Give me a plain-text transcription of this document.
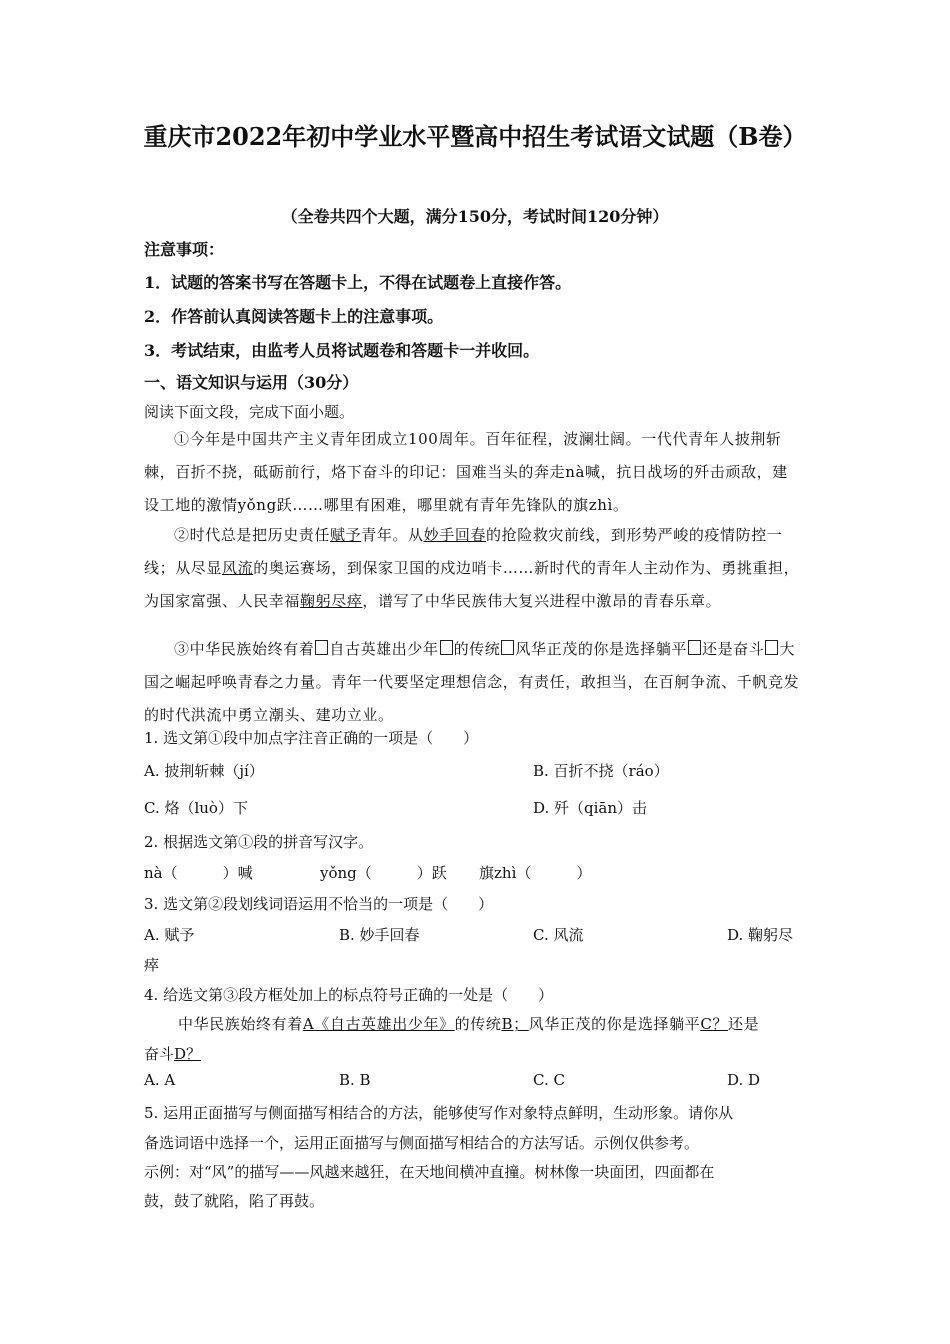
重庆市2022年初中学业水平暨高中招生考试语文试题（B卷）
（全卷共四个大题，满分150分，考试时间120分钟）
注意事项：
1．试题的答案书写在答题卡上，不得在试题卷上直接作答。
2．作答前认真阅读答题卡上的注意事项。
3．考试结束，由监考人员将试题卷和答题卡一并收回。
一、语文知识与运用（30分）
阅读下面文段，完成下面小题。
①今年是中国共产主义青年团成立100周年。百年征程，波澜壮阔。一代代青年人披荆斩棘，百折不挠，砥砺前行，烙下奋斗的印记：国难当头的奔走nà喊，抗日战场的歼击顽敌，建设工地的激情yǒng跃……哪里有困难，哪里就有青年先锋队的旗zhì。
②时代总是把历史责任赋予青年。从妙手回春的抢险救灾前线，到形势严峻的疫情防控一线；从尽显风流的奥运赛场，到保家卫国的戍边哨卡……新时代的青年人主动作为、勇挑重担，为国家富强、人民幸福鞠躬尽瘁，谱写了中华民族伟大复兴进程中激昂的青春乐章。
③中华民族始终有着 自古英雄出少年 的传统 风华正茂的你是选择躺平 还是奋斗 大国之崛起呼唤青春之力量。青年一代要坚定理想信念，有责任，敢担当，在百舸争流、千帆竞发的时代洪流中勇立潮头、建功立业。
1. 选文第①段中加点字注音正确的一项是（　　）
A. 披荆斩棘（jí）	B. 百折不挠（ráo）
C. 烙（luò）下	D. 歼（qiān）击
2. 根据选文第①段的拼音写汉字。
nà（　　　）喊	yǒng（　　　）跃 旗zhì（　　　）
3. 选文第②段划线词语运用不恰当的一项是（　　）
A. 赋予	B. 妙手回春	C. 风流	D. 鞠躬尽
瘁
4. 给选文第③段方框处加上的标点符号正确的一处是（　　）
中华民族始终有着A《自古英雄出少年》的传统B；风华正茂的你是选择躺平C？还是
奋斗D？
A. A	B. B	C. C	D. D
5. 运用正面描写与侧面描写相结合的方法，能够使写作对象特点鲜明，生动形象。请你从
备选词语中选择一个，运用正面描写与侧面描写相结合的方法写话。示例仅供参考。
示例：对“风”的描写——风越来越狂，在天地间横冲直撞。树林像一块面团，四面都在
鼓，鼓了就陷，陷了再鼓。
